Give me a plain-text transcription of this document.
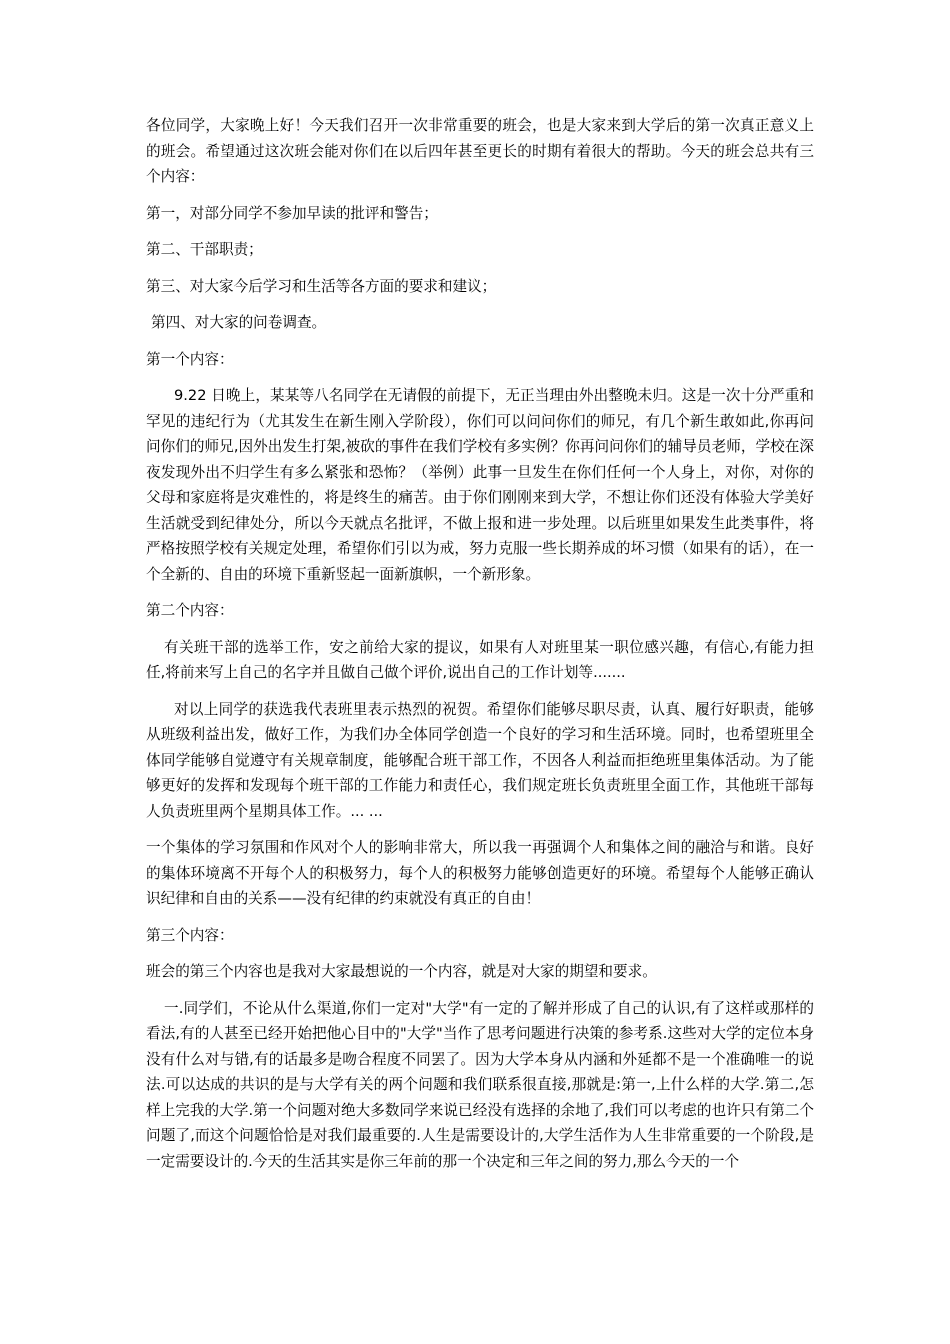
各位同学，大家晚上好！今天我们召开一次非常重要的班会，也是大家来到大学后的第一次真正意义上的班会。希望通过这次班会能对你们在以后四年甚至更长的时期有着很大的帮助。今天的班会总共有三个内容：

第一，对部分同学不参加早读的批评和警告；

第二、干部职责；

第三、对大家今后学习和生活等各方面的要求和建议；

第四、对大家的问卷调查。

第一个内容：

9.22 日晚上，某某等八名同学在无请假的前提下，无正当理由外出整晚未归。这是一次十分严重和罕见的违纪行为（尤其发生在新生刚入学阶段），你们可以问问你们的师兄，有几个新生敢如此,你再问问你们的师兄,因外出发生打架,被砍的事件在我们学校有多实例？你再问问你们的辅导员老师，学校在深夜发现外出不归学生有多么紧张和恐怖？（举例）此事一旦发生在你们任何一个人身上，对你，对你的父母和家庭将是灾难性的，将是终生的痛苦。由于你们刚刚来到大学，不想让你们还没有体验大学美好生活就受到纪律处分，所以今天就点名批评，不做上报和进一步处理。以后班里如果发生此类事件，将严格按照学校有关规定处理，希望你们引以为戒，努力克服一些长期养成的坏习惯（如果有的话），在一个全新的、自由的环境下重新竖起一面新旗帜，一个新形象。

第二个内容：

有关班干部的选举工作，安之前给大家的提议，如果有人对班里某一职位感兴趣，有信心,有能力担任,将前来写上自己的名字并且做自己做个评价,说出自己的工作计划等.......

对以上同学的获选我代表班里表示热烈的祝贺。希望你们能够尽职尽责，认真、履行好职责，能够从班级利益出发，做好工作，为我们办全体同学创造一个良好的学习和生活环境。同时，也希望班里全体同学能够自觉遵守有关规章制度，能够配合班干部工作，不因各人利益而拒绝班里集体活动。为了能够更好的发挥和发现每个班干部的工作能力和责任心，我们规定班长负责班里全面工作，其他班干部每人负责班里两个星期具体工作。... ...

一个集体的学习氛围和作风对个人的影响非常大，所以我一再强调个人和集体之间的融洽与和谐。良好的集体环境离不开每个人的积极努力，每个人的积极努力能够创造更好的环境。希望每个人能够正确认识纪律和自由的关系——没有纪律的约束就没有真正的自由！

第三个内容：

班会的第三个内容也是我对大家最想说的一个内容，就是对大家的期望和要求。

一.同学们，不论从什么渠道,你们一定对"大学"有一定的了解并形成了自己的认识,有了这样或那样的看法,有的人甚至已经开始把他心目中的"大学"当作了思考问题进行决策的参考系.这些对大学的定位本身没有什么对与错,有的话最多是吻合程度不同罢了。因为大学本身从内涵和外延都不是一个准确唯一的说法.可以达成的共识的是与大学有关的两个问题和我们联系很直接,那就是:第一,上什么样的大学.第二,怎样上完我的大学.第一个问题对绝大多数同学来说已经没有选择的余地了,我们可以考虑的也许只有第二个问题了,而这个问题恰恰是对我们最重要的.人生是需要设计的,大学生活作为人生非常重要的一个阶段,是一定需要设计的.今天的生活其实是你三年前的那一个决定和三年之间的努力,那么今天的一个
